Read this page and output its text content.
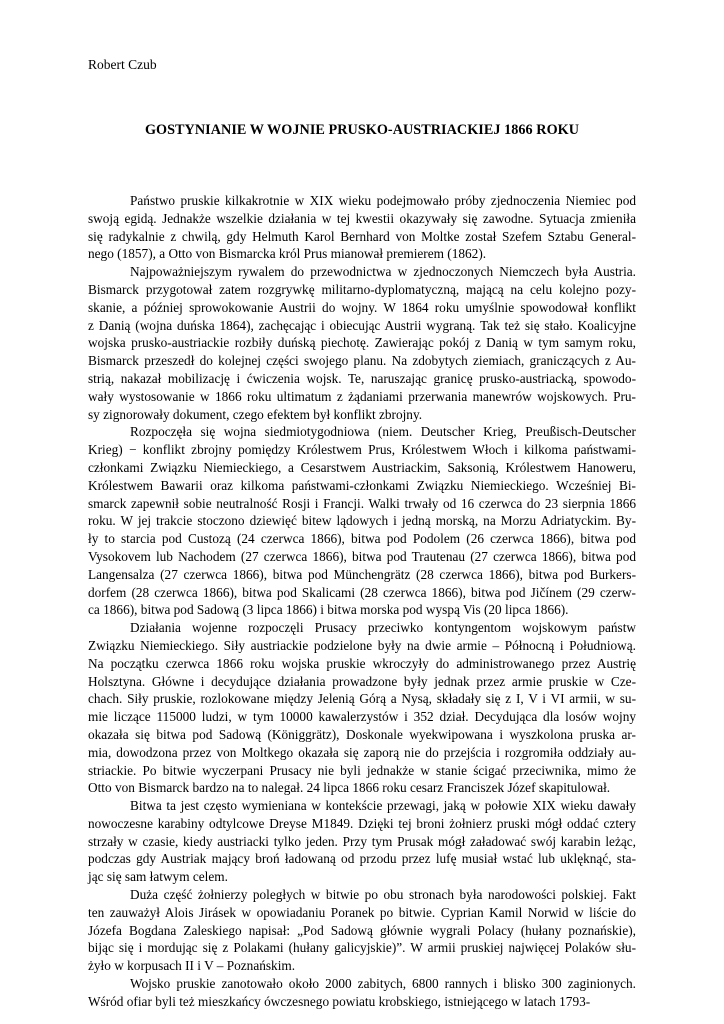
Robert Czub
GOSTYNIANIE W WOJNIE PRUSKO-AUSTRIACKIEJ 1866 ROKU
Państwo pruskie kilkakrotnie w XIX wieku podejmowało próby zjednoczenia Niemiec pod
swoją egidą. Jednakże wszelkie działania w tej kwestii okazywały się zawodne. Sytuacja zmieniła
się radykalnie z chwilą, gdy Helmuth Karol Bernhard von Moltke został Szefem Sztabu General-
nego (1857), a Otto von Bismarcka król Prus mianował premierem (1862).
Najpoważniejszym rywalem do przewodnictwa w zjednoczonych Niemczech była Austria.
Bismarck przygotował zatem rozgrywkę militarno-dyplomatyczną, mającą na celu kolejno pozy-
skanie, a później sprowokowanie Austrii do wojny. W 1864 roku umyślnie spowodował konflikt
z Danią (wojna duńska 1864), zachęcając i obiecując Austrii wygraną. Tak też się stało. Koalicyjne
wojska prusko-austriackie rozbiły duńską piechotę. Zawierając pokój z Danią w tym samym roku,
Bismarck przeszedł do kolejnej części swojego planu. Na zdobytych ziemiach, graniczących z Au-
strią, nakazał mobilizację i ćwiczenia wojsk. Te, naruszając granicę prusko-austriacką, spowodo-
wały wystosowanie w 1866 roku ultimatum z żądaniami przerwania manewrów wojskowych. Pru-
sy zignorowały dokument, czego efektem był konflikt zbrojny.
Rozpoczęła się wojna siedmiotygodniowa (niem. Deutscher Krieg, Preußisch-Deutscher
Krieg) − konflikt zbrojny pomiędzy Królestwem Prus, Królestwem Włoch i kilkoma państwami-
członkami Związku Niemieckiego, a Cesarstwem Austriackim, Saksonią, Królestwem Hanoweru,
Królestwem Bawarii oraz kilkoma państwami-członkami Związku Niemieckiego. Wcześniej Bi-
smarck zapewnił sobie neutralność Rosji i Francji. Walki trwały od 16 czerwca do 23 sierpnia 1866
roku. W jej trakcie stoczono dziewięć bitew lądowych i jedną morską, na Morzu Adriatyckim. By-
ły to starcia pod Custozą (24 czerwca 1866), bitwa pod Podolem (26 czerwca 1866), bitwa pod
Vysokovem lub Nachodem (27 czerwca 1866), bitwa pod Trautenau (27 czerwca 1866), bitwa pod
Langensalza (27 czerwca 1866), bitwa pod Münchengrätz (28 czerwca 1866), bitwa pod Burkers-
dorfem (28 czerwca 1866), bitwa pod Skalicami (28 czerwca 1866), bitwa pod Jičínem (29 czerw-
ca 1866), bitwa pod Sadową (3 lipca 1866) i bitwa morska pod wyspą Vis (20 lipca 1866).
Działania wojenne rozpoczęli Prusacy przeciwko kontyngentom wojskowym państw
Związku Niemieckiego. Siły austriackie podzielone były na dwie armie – Północną i Południową.
Na początku czerwca 1866 roku wojska pruskie wkroczyły do administrowanego przez Austrię
Holsztyna. Główne i decydujące działania prowadzone były jednak przez armie pruskie w Cze-
chach. Siły pruskie, rozlokowane między Jelenią Górą a Nysą, składały się z I, V i VI armii, w su-
mie liczące 115000 ludzi, w tym 10000 kawalerzystów i 352 dział. Decydująca dla losów wojny
okazała się bitwa pod Sadową (Königgrätz), Doskonale wyekwipowana i wyszkolona pruska ar-
mia, dowodzona przez von Moltkego okazała się zaporą nie do przejścia i rozgromiła oddziały au-
striackie. Po bitwie wyczerpani Prusacy nie byli jednakże w stanie ścigać przeciwnika, mimo że
Otto von Bismarck bardzo na to nalegał. 24 lipca 1866 roku cesarz Franciszek Józef skapitulował.
Bitwa ta jest często wymieniana w kontekście przewagi, jaką w połowie XIX wieku dawały
nowoczesne karabiny odtylcowe Dreyse M1849. Dzięki tej broni żołnierz pruski mógł oddać cztery
strzały w czasie, kiedy austriacki tylko jeden. Przy tym Prusak mógł załadować swój karabin leżąc,
podczas gdy Austriak mający broń ładowaną od przodu przez lufę musiał wstać lub uklęknąć, sta-
jąc się sam łatwym celem.
Duża część żołnierzy poległych w bitwie po obu stronach była narodowości polskiej. Fakt
ten zauważył Alois Jirásek w opowiadaniu Poranek po bitwie. Cyprian Kamil Norwid w liście do
Józefa Bogdana Zaleskiego napisał: „Pod Sadową głównie wygrali Polacy (hułany poznańskie),
bijąc się i mordując się z Polakami (hułany galicyjskie)”. W armii pruskiej najwięcej Polaków słu-
żyło w korpusach II i V – Poznańskim.
Wojsko pruskie zanotowało około 2000 zabitych, 6800 rannych i blisko 300 zaginionych.
Wśród ofiar byli też mieszkańcy ówczesnego powiatu krobskiego, istniejącego w latach 1793-
